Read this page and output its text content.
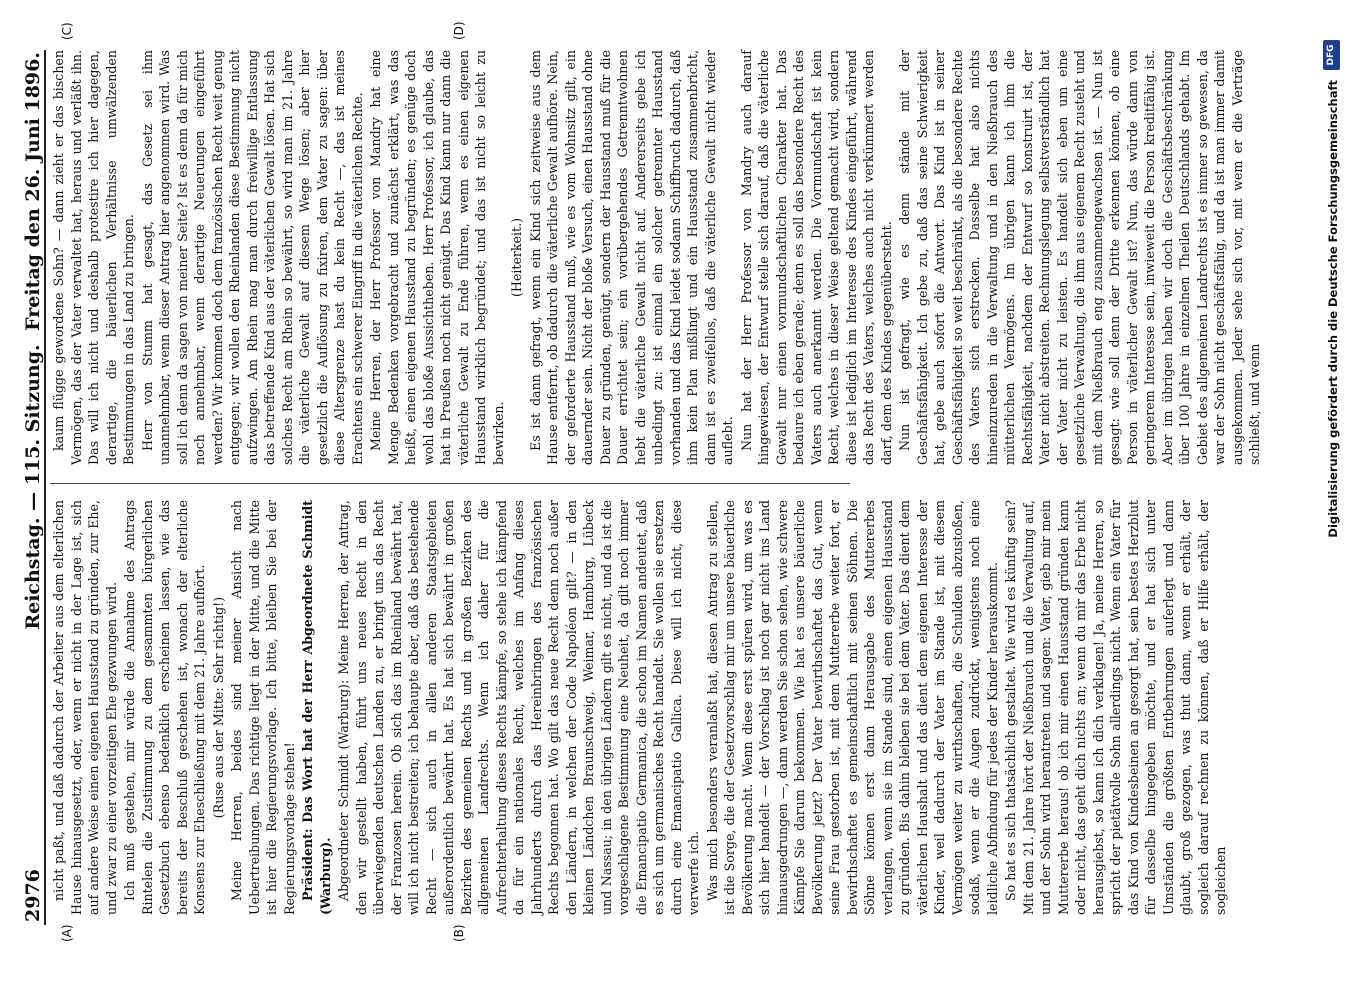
2976
Reichstag. — 115. Sitzung.
Freitag den 26. Juni 1896.
(A)	(B)
(C)	(D)

nicht paßt, und daß dadurch der Arbeiter aus dem elterlichen Hause hinausgesetzt, oder, wenn er nicht in der Lage ist, sich auf andere Weise einen eigenen Hausstand zu gründen, zur Ehe, und zwar zu einer vorzeitigen Ehe gezwungen wird. Ich muß gestehen, mir würde die Annahme des Antrags Rintelen die Zustimmung zu dem gesammten bürgerlichen Gesetzbuch ebenso bedenklich erscheinen lassen, wie das bereits der Beschluß geschehen ist, wonach der elterliche Konsens zur Eheschließung mit dem 21. Jahre aufhört. (Ruse aus der Mitte: Sehr richtig!) Meine Herren, beides sind meiner Ansicht nach Uebertreibungen. Das richtige liegt in der Mitte, und die Mitte ist hier die Regierungsvorlage. Ich bitte, bleiben Sie bei der Regierungsvorlage stehen! Präsident: Das Wort hat der Herr Abgeordnete Schmidt (Warburg). Abgeordneter Schmidt (Warburg): Meine Herren, der Antrag, den wir gestellt haben, führt uns neues Recht in den überwiegenden deutschen Landen zu, er bringt uns das Recht der Franzosen herein. Ob sich das im Rheinland bewährt hat, will ich nicht bestreiten; ich behaupte aber, daß das bestehende Recht — sich auch in allen anderen Staatsgebieten außerordentlich bewährt hat. Es hat sich bewährt in großen Bezirken des gemeinen Rechts und in großen Bezirken des allgemeinen Landrechts. Wenn ich daher für die Aufrechterhaltung dieses Rechts kämpfe, so stehe ich kämpfend da für ein nationales Recht, welches im Anfang dieses Jahrhunderts durch das Hereinbringen des französischen Rechts begonnen hat. Wo gilt das neue Recht denn noch außer den Ländern, in welchen der Code Napoléon gilt? — in den kleinen Ländchen Braunschweig, Weimar, Hamburg, Lübeck und Nassau; in den übrigen Ländern gilt es nicht, und da ist die vorgeschlagene Bestimmung eine Neuheit, da gilt noch immer die Emancipatio Germanica, die schon im Namen andeutet, daß es sich um germanisches Recht handelt. Sie wollen sie ersetzen durch eine Emancipatio Gallica. Diese will ich nicht, diese verwerfe ich. Was mich besonders veranlaßt hat, diesen Antrag zu stellen, ist die Sorge, die der Gesetzvorschlag mir um unsere bäuerliche Bevölkerung macht. Wenn diese erst spüren wird, um was es sich hier handelt — der Vorschlag ist noch gar nicht ins Land hinausgedrungen —, dann werden Sie schon sehen, wie schwere Kämpfe Sie darum bekommen. Wie hat es unsere bäuerliche Bevölkerung jetzt? Der Vater bewirthschaftet das Gut, wenn seine Frau gestorben ist, mit dem Muttererbe weiter fort, er bewirthschaftet es gemeinschaftlich mit seinen Söhnen. Die Söhne können erst dann Herausgabe des Muttererbes verlangen, wenn sie im Stande sind, einen eigenen Hausstand zu gründen. Bis dahin bleiben sie bei dem Vater. Das dient dem väterlichen Haushalt und das dient dem eigenen Interesse der Kinder, weil dadurch der Vater im Stande ist, mit diesem Vermögen weiter zu wirthschaften, die Schulden abzustoßen, sodaß, wenn er die Augen zudrückt, wenigstens noch eine leidliche Abfindung für jedes der Kinder herauskommt. So hat es sich thatsächlich gestaltet. Wie wird es künftig sein? Mit dem 21. Jahre hört der Nießbrauch und die Verwaltung auf, und der Sohn wird herantreten und sagen: Vater, gieb mir mein Muttererbe heraus! ob ich mir einen Hausstand gründen kann oder nicht, das geht dich nichts an; wenn du mir das Erbe nicht herausgiebst, so kann ich dich verklagen! Ja, meine Herren, so spricht der pietätvolle Sohn allerdings nicht. Wenn ein Vater für das Kind von Kindesbeinen an gesorgt hat, sein bestes Herzblut für dasselbe hingegeben möchte, und er hat sich unter Umständen die größten Entbehrungen auferlegt und dann glaubt, groß gezogen, was thut dann, wenn er erhält, der sogleich darauf rechnen zu können, daß er Hilfe erhält, der sogleichen

kaum flügge gewordene Sohn? — dann zieht er das bischen Vermögen, das der Vater verwaltet hat, heraus und verläßt ihn. Das will ich nicht und deshalb protestire ich hier dagegen, derartige, die bäuerlichen Verhältnisse umwälzenden Bestimmungen in das Land zu bringen. Herr von Stumm hat gesagt, das Gesetz sei ihm unannehmbar, wenn dieser Antrag hier angenommen wird. Was soll ich denn da sagen von meiner Seite? Ist es denn da für mich noch annehmbar, wenn derartige Neuerungen eingeführt werden? Wir kommen doch dem französischen Recht weit genug entgegen; wir wollen den Rheinlanden diese Bestimmung nicht aufzwingen. Am Rhein mag man durch freiwillige Entlassung das betreffende Kind aus der väterlichen Gewalt lösen. Hat sich solches Recht am Rhein so bewährt, so wird man im 21. Jahre die väterliche Gewalt auf diesem Wege lösen; aber hier gesetzlich die Auflösung zu fixiren, dem Vater zu sagen: über diese Altersgrenze hast du kein Recht —, das ist meines Erachtens ein schwerer Eingriff in die väterlichen Rechte. Meine Herren, der Herr Professor von Mandry hat eine Menge Bedenken vorgebracht und zunächst erklärt, was das heißt, einen eigenen Hausstand zu begründen; es genüge doch wohl das bloße Aussichtheben. Herr Professor, ich glaube, das hat in Preußen noch nicht genügt. Das Kind kann nur dann die väterliche Gewalt zu Ende führen, wenn es einen eigenen Hausstand wirklich begründet; und das ist nicht so leicht zu bewirken.

(Heiterkeit.) Es ist dann gefragt, wenn ein Kind sich zeitweise aus dem Hause entfernt, ob dadurch die väterliche Gewalt aufhöre. Nein, der geforderte Hausstand muß, wie es vom Wohnsitz gilt, ein dauernder sein. Nicht der bloße Versuch, einen Hausstand ohne Dauer zu gründen, genügt, sondern der Hausstand muß für die Dauer errichtet sein; ein vorübergehendes Getrenntwohnen hebt die väterliche Gewalt nicht auf. Andererseits gebe ich unbedingt zu: ist einmal ein solcher getrennter Hausstand vorhanden und das Kind leidet sodann Schiffbruch dadurch, daß ihm kein Plan mißlingt und ein Hausstand zusammenbricht, dann ist es zweifellos, daß die väterliche Gewalt nicht wieder auflebt. Nun hat der Herr Professor von Mandry auch darauf hingewiesen, der Entwurf stelle sich darauf, daß die väterliche Gewalt nur einen vormundschaftlichen Charakter hat. Das bedaure ich eben gerade; denn es soll das besondere Recht des Vaters auch anerkannt werden. Die Vormundschaft ist kein Recht, welches in dieser Weise geltend gemacht wird, sondern diese ist lediglich im Interesse des Kindes eingeführt, während das Recht des Vaters, welches auch nicht verkümmert werden darf, dem des Kindes gegenübersteht. Nun ist gefragt, wie es denn stände mit der Geschäftsfähigkeit. Ich gebe zu, daß das seine Schwierigkeit hat, gebe auch sofort die Antwort. Das Kind ist in seiner Geschäftsfähigkeit so weit beschränkt, als die besondere Rechte des Vaters sich erstrecken. Dasselbe hat also nichts hineinzureden in die Verwaltung und in den Nießbrauch des mütterlichen Vermögens. Im übrigen kann ich ihm die Rechtsfähigkeit, nachdem der Entwurf so konstruirt ist, der Vater nicht abstreiten. Rechnungslegung selbstverständlich hat der Vater nicht zu leisten. Es handelt sich eben um eine gesetzliche Verwaltung, die ihm aus eigenem Recht zusteht und mit dem Nießbrauch eng zusammengewachsen ist. — Nun ist gesagt: wie soll denn der Dritte erkennen können, ob eine Person in väterlicher Gewalt ist? Nun, das würde dann von geringerem Interesse sein, inwieweit die Person kreditfähig ist. Aber im übrigen haben wir doch die Geschäftsbeschränkung über 100 Jahre in einzelnen Theilen Deutschlands gehabt. Im Gebiet des allgemeinen Landrechts ist es immer so gewesen, da war der Sohn nicht geschäftsfähig, und da ist man immer damit ausgekommen. Jeder sehe sich vor, mit wem er die Verträge schließt, und wenn	Digitalisierung gefördert durch die Deutsche Forschungsgemeinschaft
DFG
